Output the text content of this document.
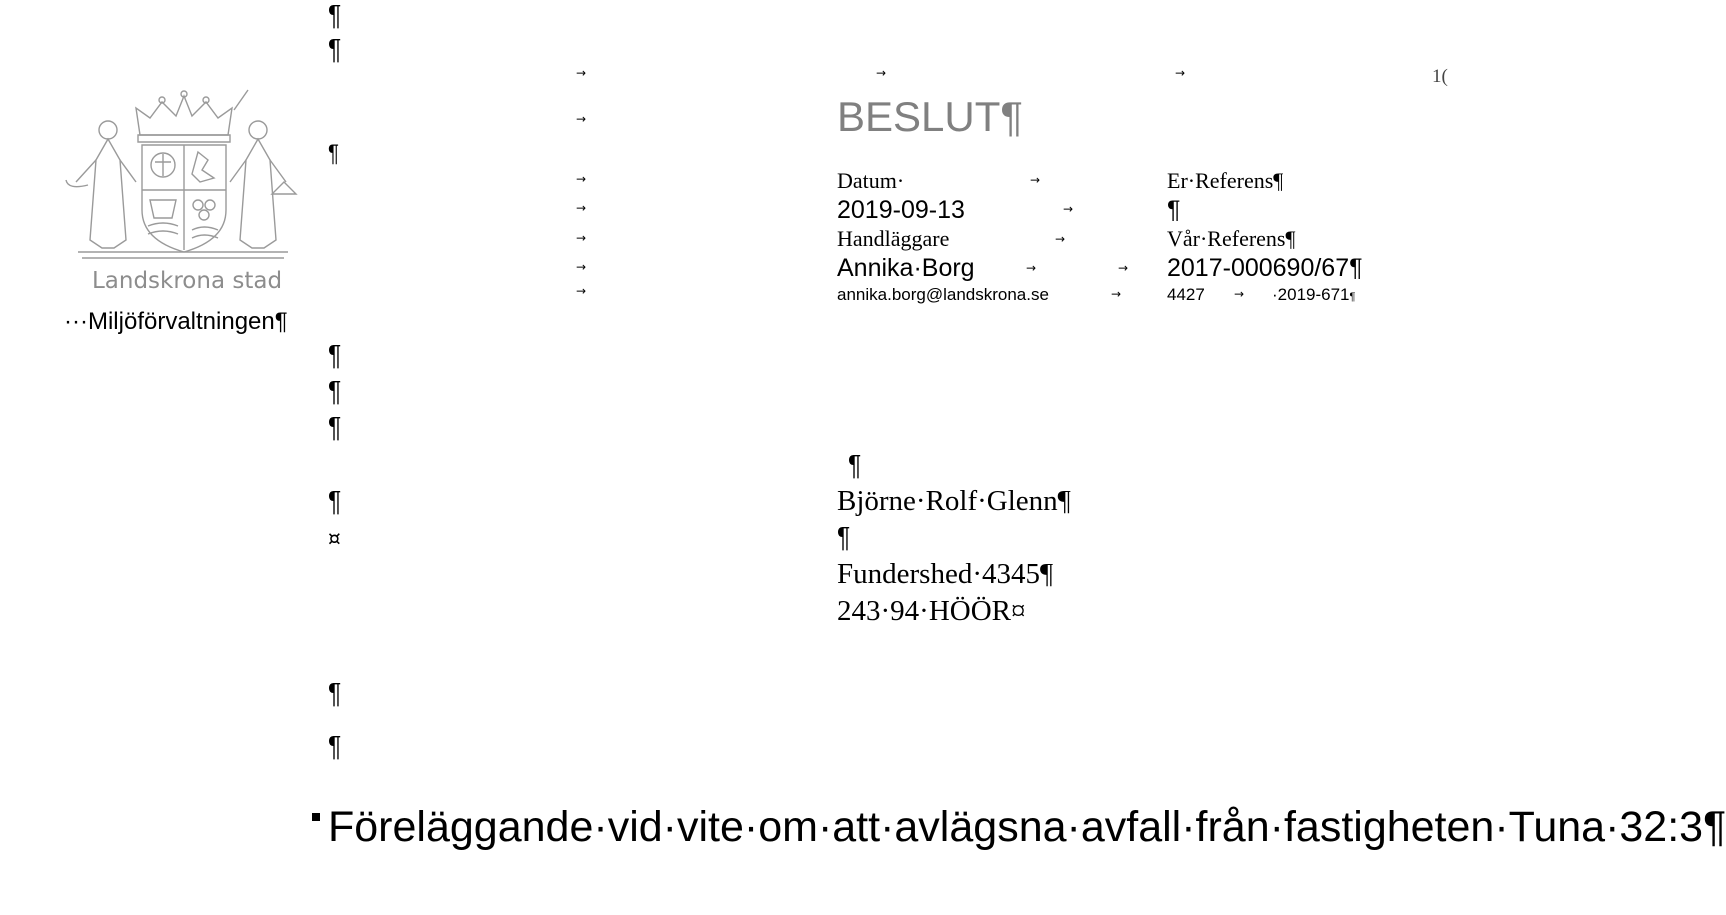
1(
Landskrona stad
···Miljöförvaltningen¶
¶
¶
¶
¶
¶
¶
¶
¤
¶
¶
→	→	→
→
→
→
→
→
→
BESLUT¶
Datum·	→	Er·Referens¶
2019-09-13	→	¶
Handläggare	→	Vår·Referens¶
Annika·Borg	→	→ 2017-000690/67¶
annika.borg@landskrona.se	→	4427 → ·2019-671¶
¶
Björne·Rolf·Glenn¶
¶
Fundershed·4345¶
243·94·HÖÖR¤
Föreläggande·vid·vite·om·att·avlägsna·avfall·från·fastigheten·Tuna·32:3¶
